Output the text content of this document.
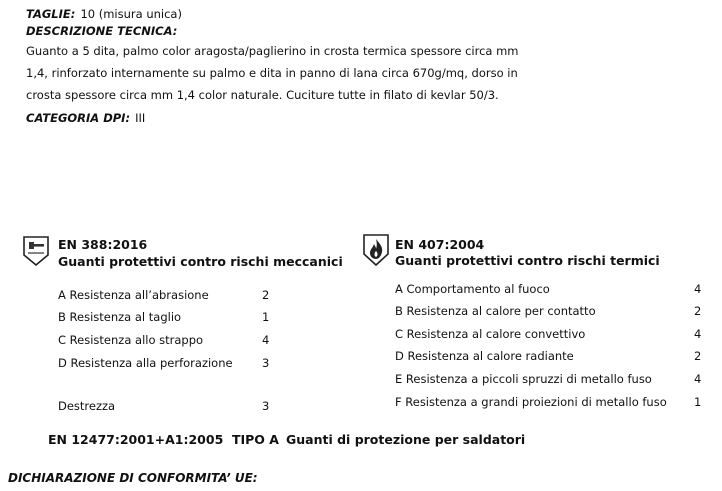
TAGLIE: 10 (misura unica)
DESCRIZIONE TECNICA:
Guanto a 5 dita, palmo color aragosta/paglierino in crosta termica spessore circa mm
1,4, rinforzato internamente su palmo e dita in panno di lana circa 670g/mq, dorso in
crosta spessore circa mm 1,4 color naturale. Cuciture tutte in filato di kevlar 50/3.
CATEGORIA DPI: III
EN 388:2016
Guanti protettivi contro rischi meccanici
A Resistenza all’abrasione	2
B Resistenza al taglio	1
C Resistenza allo strappo	4
D Resistenza alla perforazione	3
Destrezza	3
EN 407:2004
Guanti protettivi contro rischi termici
A Comportamento al fuoco	4
B Resistenza al calore per contatto	2
C Resistenza al calore convettivo	4
D Resistenza al calore radiante	2
E Resistenza a piccoli spruzzi di metallo fuso	4
F Resistenza a grandi proiezioni di metallo fuso 1
EN 12477:2001+A1:2005  TIPO A Guanti di protezione per saldatori
DICHIARAZIONE DI CONFORMITA’ UE:
